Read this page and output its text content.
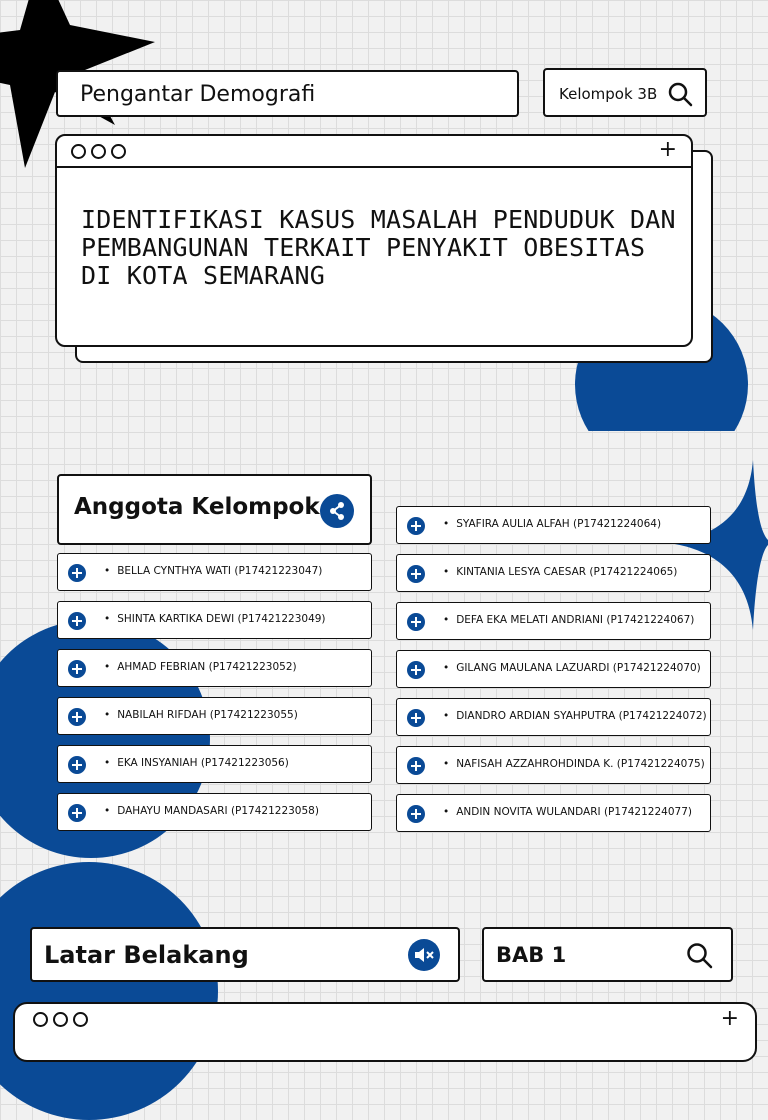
Pengantar Demografi	Kelompok 3B
+
IDENTIFIKASI KASUS MASALAH PENDUDUK DAN PEMBANGUNAN TERKAIT PENYAKIT OBESITAS DI KOTA SEMARANG
Anggota Kelompok
• BELLA CYNTHYA WATI (P17421223047)
• SHINTA KARTIKA DEWI (P17421223049)
• AHMAD FEBRIAN (P17421223052)
• NABILAH RIFDAH (P17421223055)
• EKA INSYANIAH (P17421223056)
• DAHAYU MANDASARI (P17421223058)
• SYAFIRA AULIA ALFAH (P17421224064)
• KINTANIA LESYA CAESAR (P17421224065)
• DEFA EKA MELATI ANDRIANI (P17421224067)
• GILANG MAULANA LAZUARDI (P17421224070)
• DIANDRO ARDIAN SYAHPUTRA (P17421224072)
• NAFISAH AZZAHROHDINDA K. (P17421224075)
• ANDIN NOVITA WULANDARI (P17421224077)
Latar Belakang	BAB 1
+
